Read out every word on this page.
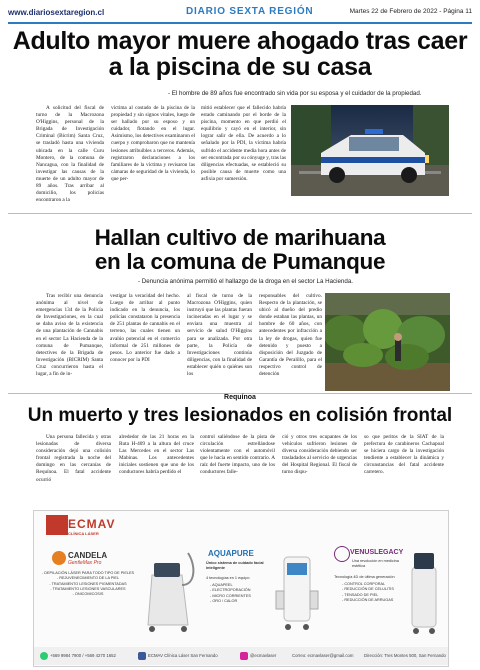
www.diariosextaregion.cl	DIARIO SEXTA REGIÓN	Martes 22 de Febrero de 2022 - Página 11
Adulto mayor muere ahogado tras caer
a la piscina de su casa
- El hombre de 89 años fue encontrado sin vida por su esposa y el cuidador de la propiedad.

A solicitud del fiscal de turno de la Macrozona O'Higgins, personal de la Brigada de Investigación Criminal (Bicrim) Santa Cruz, se trasladó hasta una vivienda ubicada en la calle Curu Montero, de la comuna de Nancagua, con la finalidad de investigar las causas de la muerte de un adulto mayor de 89 años. Tras arribar al domicilio, los policías encontraron a la

víctima al costado de la piscina de la propiedad y sin signos vitales, luego de ser hallado por su esposo y un cuidador, flotando en el lugar. Asimismo, los detectives examinaron el cuerpo y comprobaron que no mantenía lesiones atribuibles a terceros. Además, registraron declaraciones a los familiares de la víctima y revisaron las cámaras de seguridad de la vivienda, lo que per-

mitió establecer que el fallecido habría estado caminando por el borde de la piscina, momento en que perdió el equilibrio y cayó en el interior, sin lograr salir de ella. De acuerdo a lo señalado por la PDI, la víctima habría sufrido el accidente media hora antes de ser encontrada por su cónyuge y, tras las diligencias efectuadas, se estableció su posible causa de muerte como una asfixia por sumersión.

Hallan cultivo de marihuana
en la comuna de Pumanque
- Denuncia anónima permitió el hallazgo de la droga en el sector La Hacienda.

Tras recibir una denuncia anónima al nivel de emergencias 134 de la Policía de Investigaciones, en la cual se daba aviso de la existencia de una plantación de Cannabis en el sector La Hacienda de la comuna de Pumanque, detectives de la Brigada de Investigación (BICRIM) Santa Cruz concurrieron hasta el lugar, a fin de in-

vestigar la veracidad del hecho. Luego de arribar al punto indicado en la denuncia, los policías constataron la presencia de 251 plantas de cannabis en el terreno, las cuales tienen un avalúo potencial en el comercio informal de 251 millones de pesos. Lo anterior fue dado a conocer por la PDI

al fiscal de turno de la Macrozona O'Higgins, quien instruyó que las plantas fueran incineradas en el lugar y se enviara una muestra al servicio de salud O'Higgins para se analizada. Por otra parte, la Policía de Investigaciones continúa diligencias, con la finalidad de establecer quién o quiénes son los

responsables del cultivo. Respecto de la plantación, se ubicó al dueño del predio donde estaban las plantas, un hombre de 60 años, con antecedentes por infracción a la ley de drogas, quien fue detenido y puesto a disposición del Juzgado de Garantía de Peralillo, para el respectivo control de detención

Requínoa
Un muerto y tres lesionados en colisión frontal

Una persona fallecida y otras lesionadas de diversa consideración dejó una colisión frontal registrada la noche del domingo en las cercanías de Requínoa. El fatal accidente ocurrió

alrededor de las 21 horas en la Ruta H-409 a la altura del cruce Las Mercedes en el sector Las Mabinas. Los antecedentes iniciales sostienen que uno de los conductores habría perdido el

control saliéndose de la pista de circulación estrellándose violentamente con el automóvil que le hacía en sentido contrario. A raíz del fuerte impacto, uno de los conductores falle-

ció y otros tres ocupantes de los vehículos sufrieron lesiones de diversa consideración debiendo ser trasladados al servicio de urgencias del Hospital Regional. El fiscal de turno dispu-

so que peritos de la SIAT de la prefectura de carabineros Cachapoal se hiciera cargo de la investigación tendiente a establecer la dinámica y circunstancias del fatal accidente carretero.

ECMAV
CLÍNICA LÁSER
CANDELA
GentleMax Pro
- DEPILACIÓN LÁSER PARA TODO TIPO DE PIELES
- REJUVENECIMIENTO DE LA PIEL
- TRATAMIENTO LESIONES PIGMENTADAS
- TRATAMIENTO LESIONES VASCULARES
- ONICOMICOSIS
AQUAPURE
Único sistema de cuidado facial inteligente
4 tecnologías en 1 equipo
- AQUAPEEL
- ELECTROPORACIÓN
- MICRO CORRIENTES
- ORO / CALOR
VENUSLEGACY
Una revolución en medicina estética
Tecnología 4D de última generación
- CONTROL CORPORAL
- REDUCCIÓN DE CELULITIS
- TENSADO DE PIEL
- REDUCCIÓN DE ARRUGAS
+569 9984 7900 / +569 4270 1652	ECMAV Clínica Láser San Fernando	@ecmavlaser	Correo: ecmavlaser@gmail.com Dirección: Tres Montes 500, San Fernando
